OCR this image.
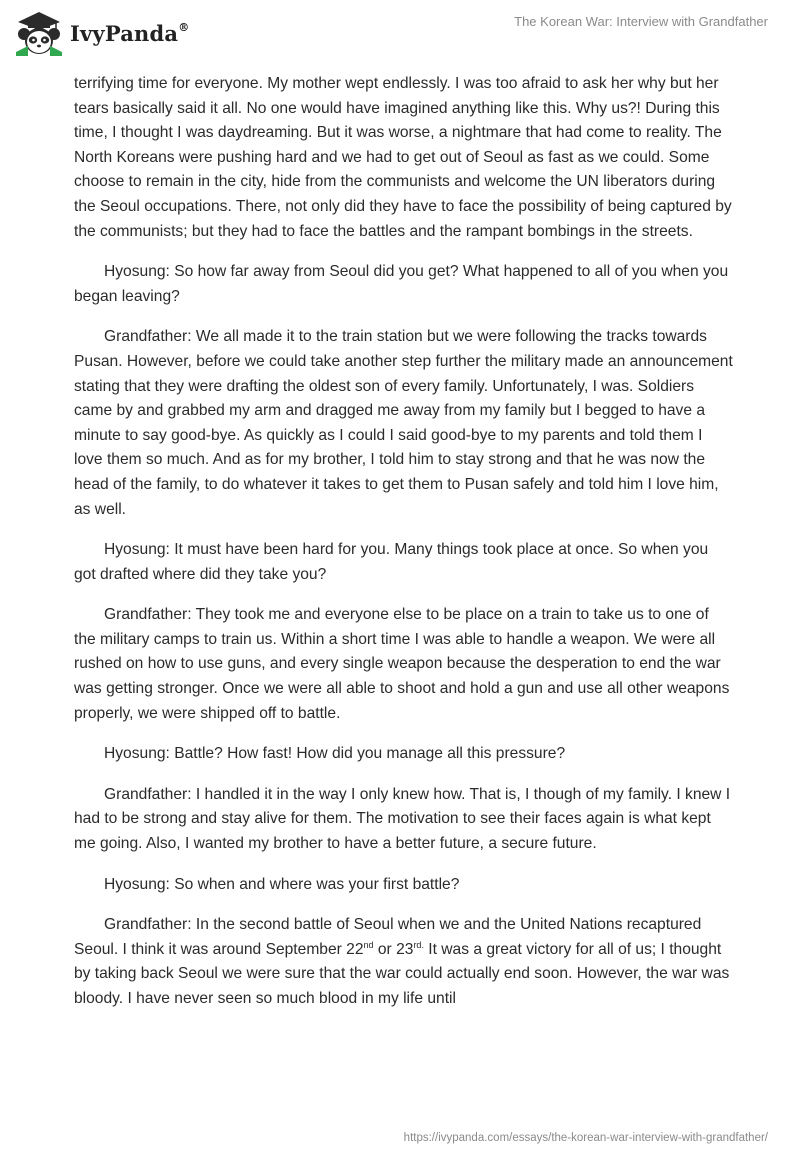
IvyPanda®	The Korean War: Interview with Grandfather

terrifying time for everyone. My mother wept endlessly. I was too afraid to ask her why but her tears basically said it all. No one would have imagined anything like this. Why us?! During this time, I thought I was daydreaming. But it was worse, a nightmare that had come to reality. The North Koreans were pushing hard and we had to get out of Seoul as fast as we could. Some choose to remain in the city, hide from the communists and welcome the UN liberators during the Seoul occupations. There, not only did they have to face the possibility of being captured by the communists; but they had to face the battles and the rampant bombings in the streets.

Hyosung: So how far away from Seoul did you get? What happened to all of you when you began leaving?

Grandfather: We all made it to the train station but we were following the tracks towards Pusan. However, before we could take another step further the military made an announcement stating that they were drafting the oldest son of every family. Unfortunately, I was. Soldiers came by and grabbed my arm and dragged me away from my family but I begged to have a minute to say good-bye. As quickly as I could I said good-bye to my parents and told them I love them so much. And as for my brother, I told him to stay strong and that he was now the head of the family, to do whatever it takes to get them to Pusan safely and told him I love him, as well.

Hyosung: It must have been hard for you. Many things took place at once. So when you got drafted where did they take you?

Grandfather: They took me and everyone else to be place on a train to take us to one of the military camps to train us. Within a short time I was able to handle a weapon. We were all rushed on how to use guns, and every single weapon because the desperation to end the war was getting stronger. Once we were all able to shoot and hold a gun and use all other weapons properly, we were shipped off to battle.

Hyosung: Battle? How fast! How did you manage all this pressure?

Grandfather: I handled it in the way I only knew how. That is, I though of my family. I knew I had to be strong and stay alive for them. The motivation to see their faces again is what kept me going. Also, I wanted my brother to have a better future, a secure future.

Hyosung: So when and where was your first battle?

Grandfather: In the second battle of Seoul when we and the United Nations recaptured Seoul. I think it was around September 22nd or $23^{rd.}$ It was a great victory for all of us; I thought by taking back Seoul we were sure that the war could actually end soon. However, the war was bloody. I have never seen so much blood in my life until

https://ivypanda.com/essays/the-korean-war-interview-with-grandfather/
